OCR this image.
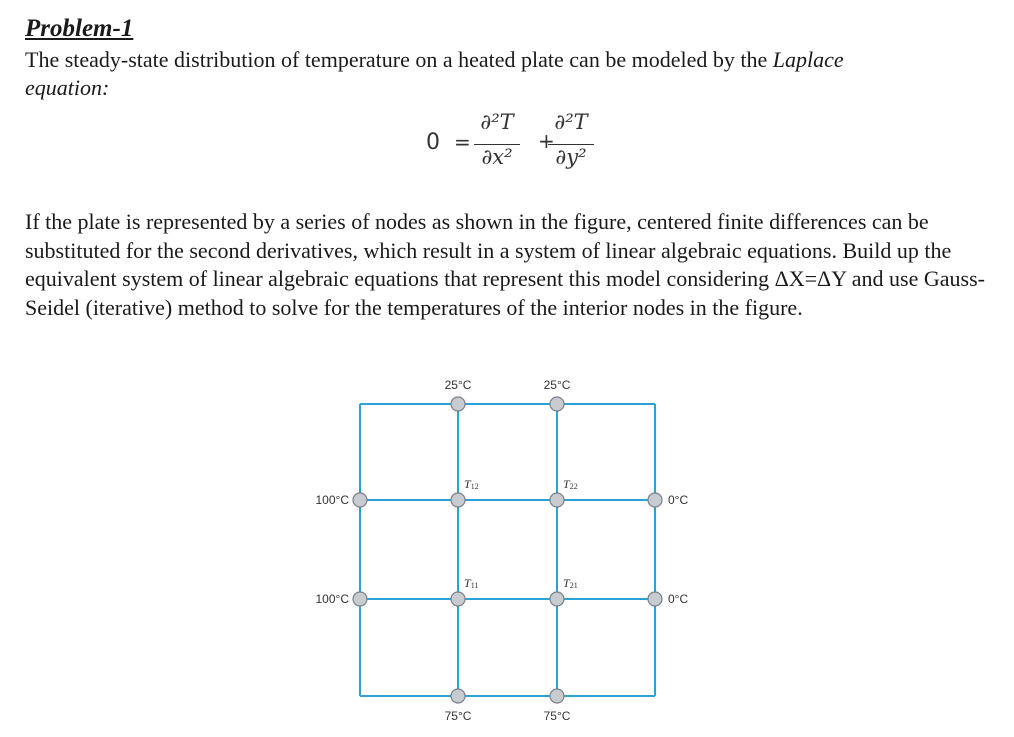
Problem-1
The steady-state distribution of temperature on a heated plate can be modeled by the Laplace
equation:
0 =
∂²T
∂x²
+
∂²T
∂y²
If the plate is represented by a series of nodes as shown in the figure, centered finite differences can be substituted for the second derivatives, which result in a system of linear algebraic equations. Build up the equivalent system of linear algebraic equations that represent this model considering ΔX=ΔY and use Gauss-Seidel (iterative) method to solve for the temperatures of the interior nodes in the figure.
25°C	25°C
75°C	75°C
100°C
100°C
0°C
0°C
T12	T22
T11	T21
